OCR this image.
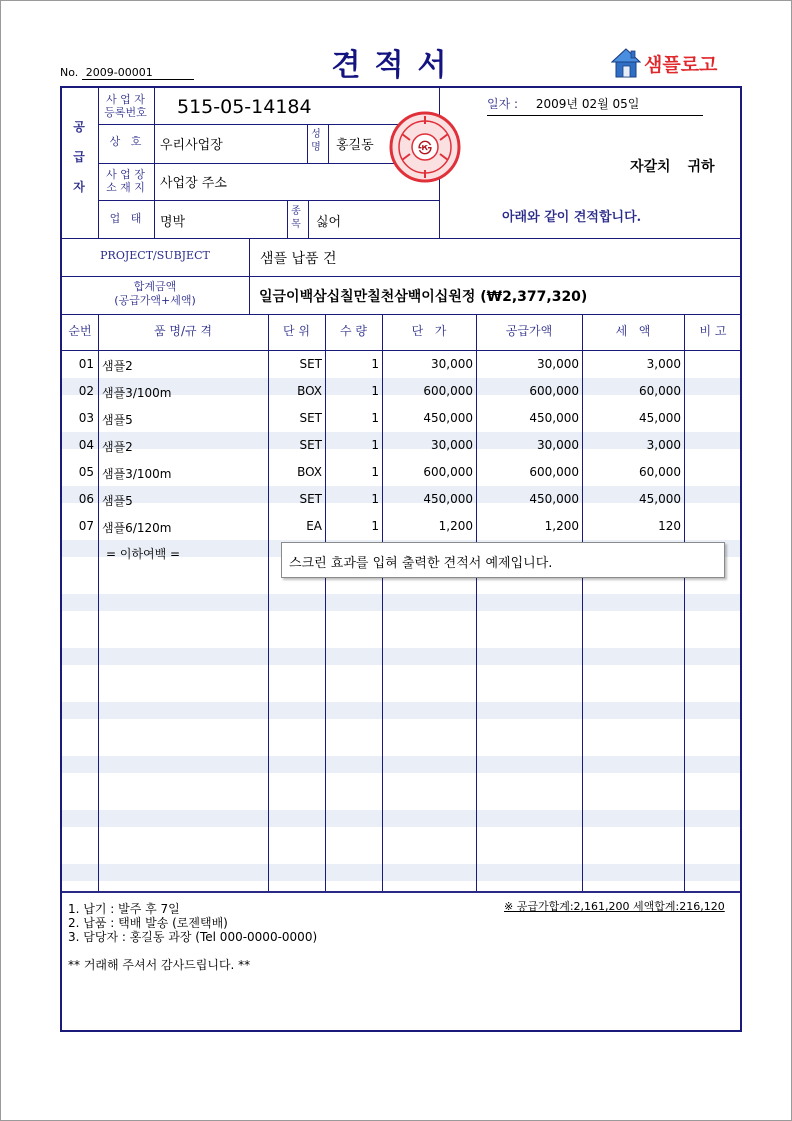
견적서
No. 2009-00001	샘플로고
공
급
자
사 업 자
등록번호	515-05-14184
상   호	우리사업장
성
명	홍길동	㉿
사 업 장
소 재 지	사업장 주소
업   태	명박
종
목	싫어
일자 : 2009년 02월 05일
자갈치 귀하
아래와 같이 견적합니다.
PROJECT/SUBJECT	샘플 납품 건
합계금액
(공급가액+세액)	일금이백삼십칠만칠천삼백이십원정 (₩2,377,320)
순번	품 명/규 격	단 위	수 량	단   가	공급가액	세   액	비 고
01 샘플2	SET	1	30,000	30,000	3,000
02 샘플3/100m	BOX	1	600,000	600,000	60,000
03 샘플5	SET	1	450,000	450,000	45,000
04 샘플2	SET	1	30,000	30,000	3,000
05 샘플3/100m	BOX	1	600,000	600,000	60,000
06 샘플5	SET	1	450,000	450,000	45,000
07 샘플6/120m	EA	1	1,200	1,200	120
= 이하여백 =
스크린 효과를 입혀 출력한 견적서 예제입니다.
※ 공급가합계:2,161,200 세액합계:216,120
1. 납기 : 발주 후 7일
2. 납품 : 택배 발송 (로젠택배)
3. 담당자 : 홍길동 과장 (Tel 000-0000-0000)
** 거래해 주셔서 감사드립니다. **
